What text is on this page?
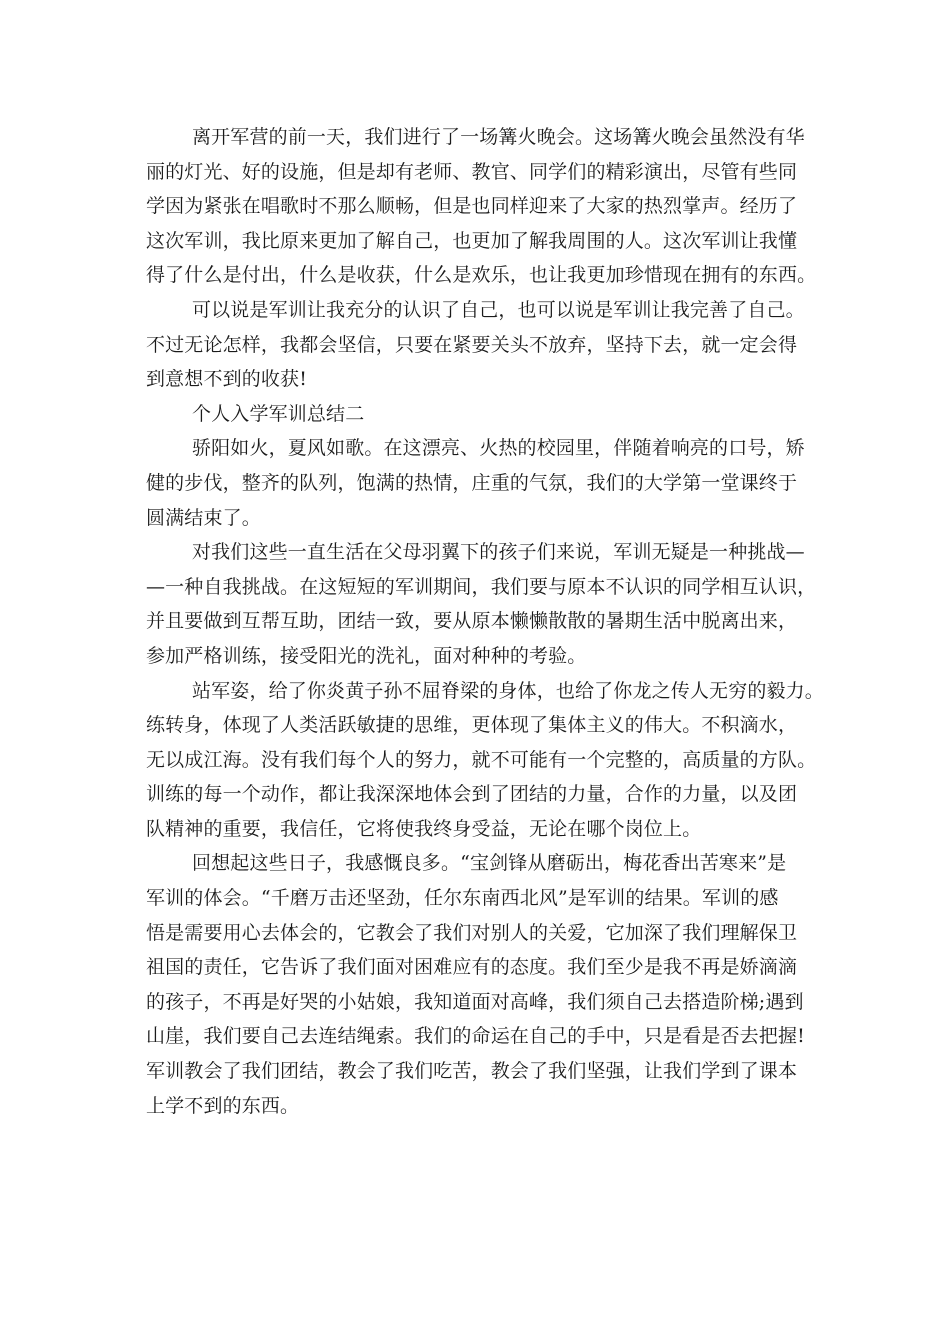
离开军营的前一天，我们进行了一场篝火晚会。这场篝火晚会虽然没有华
丽的灯光、好的设施，但是却有老师、教官、同学们的精彩演出，尽管有些同
学因为紧张在唱歌时不那么顺畅，但是也同样迎来了大家的热烈掌声。经历了
这次军训，我比原来更加了解自己，也更加了解我周围的人。这次军训让我懂
得了什么是付出，什么是收获，什么是欢乐，也让我更加珍惜现在拥有的东西。

可以说是军训让我充分的认识了自己，也可以说是军训让我完善了自己。
不过无论怎样，我都会坚信，只要在紧要关头不放弃，坚持下去，就一定会得
到意想不到的收获!

个人入学军训总结二

骄阳如火，夏风如歌。在这漂亮、火热的校园里，伴随着响亮的口号，矫
健的步伐，整齐的队列，饱满的热情，庄重的气氛，我们的大学第一堂课终于
圆满结束了。

对我们这些一直生活在父母羽翼下的孩子们来说，军训无疑是一种挑战—
—一种自我挑战。在这短短的军训期间，我们要与原本不认识的同学相互认识，
并且要做到互帮互助，团结一致，要从原本懒懒散散的暑期生活中脱离出来，
参加严格训练，接受阳光的洗礼，面对种种的考验。

站军姿，给了你炎黄子孙不屈脊梁的身体，也给了你龙之传人无穷的毅力。
练转身，体现了人类活跃敏捷的思维，更体现了集体主义的伟大。不积滴水，
无以成江海。没有我们每个人的努力，就不可能有一个完整的，高质量的方队。
训练的每一个动作，都让我深深地体会到了团结的力量，合作的力量，以及团
队精神的重要，我信任，它将使我终身受益，无论在哪个岗位上。

回想起这些日子，我感慨良多。“宝剑锋从磨砺出，梅花香出苦寒来”是
军训的体会。“千磨万击还坚劲，任尔东南西北风”是军训的结果。军训的感
悟是需要用心去体会的，它教会了我们对别人的关爱，它加深了我们理解保卫
祖国的责任，它告诉了我们面对困难应有的态度。我们至少是我不再是娇滴滴
的孩子，不再是好哭的小姑娘，我知道面对高峰，我们须自己去搭造阶梯;遇到
山崖，我们要自己去连结绳索。我们的命运在自己的手中，只是看是否去把握!
军训教会了我们团结，教会了我们吃苦，教会了我们坚强，让我们学到了课本
上学不到的东西。
